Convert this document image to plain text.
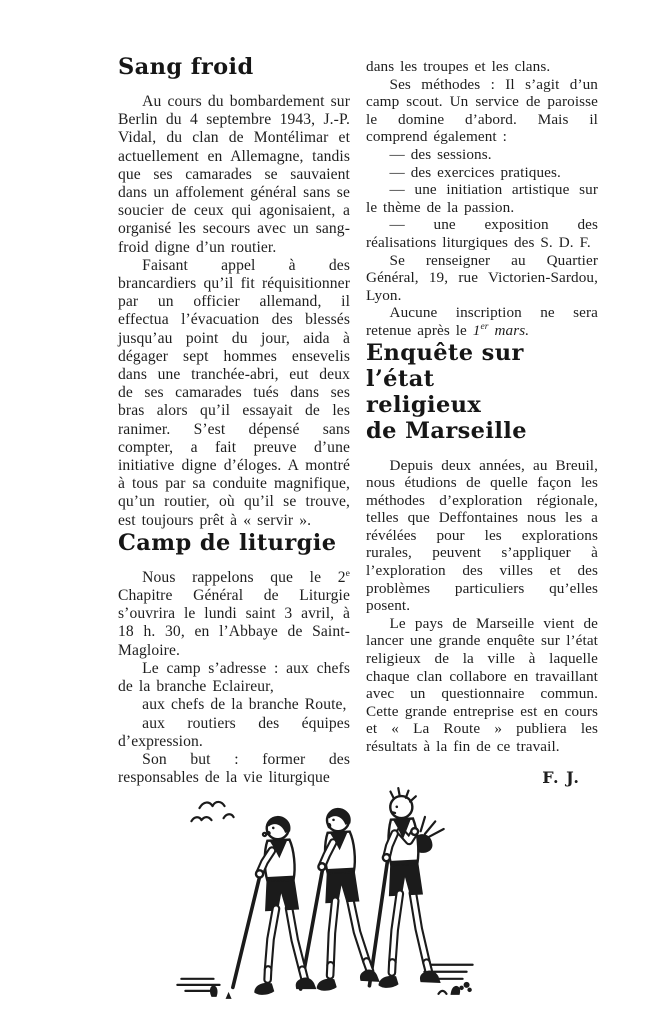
Sang froid

Au cours du bombardement sur Berlin du 4 septembre 1943, J.-P. Vidal, du clan de Montélimar et actuellement en Allemagne, tandis que ses camarades se sauvaient dans un affolement général sans se soucier de ceux qui agonisaient, a organisé les secours avec un sang-froid digne d’un routier.

Faisant appel à des brancardiers qu’il fit réquisitionner par un officier allemand, il effectua l’évacuation des blessés jusqu’au point du jour, aida à dégager sept hommes ensevelis dans une tranchée-abri, eut deux de ses camarades tués dans ses bras alors qu’il essayait de les ranimer. S’est dépensé sans compter, a fait preuve d’une initiative digne d’éloges. A montré à tous par sa conduite magnifique, qu’un routier, où qu’il se trouve, est toujours prêt à « servir ».

Camp de liturgie

Nous rappelons que le 2e Chapitre Général de Liturgie s’ouvrira le lundi saint 3 avril, à 18 h. 30, en l’Abbaye de Saint-Magloire.

Le camp s’adresse : aux chefs de la branche Eclaireur,

aux chefs de la branche Route,

aux routiers des équipes d’expression.

Son but : former des responsables de la vie liturgique

dans les troupes et les clans.

Ses méthodes : Il s’agit d’un camp scout. Un service de paroisse le domine d’abord. Mais il comprend également :

— des sessions.

— des exercices pratiques.

— une initiation artistique sur le thème de la passion.

— une exposition des réalisations liturgiques des S. D. F.

Se renseigner au Quartier Général, 19, rue Victorien-Sardou, Lyon.

Aucune inscription ne sera retenue après le 1er mars.

Enquête sur l’état
religieux
de Marseille

Depuis deux années, au Breuil, nous étudions de quelle façon les méthodes d’exploration régionale, telles que Deffontaines nous les a révélées pour les explorations rurales, peuvent s’appliquer à l’exploration des villes et des problèmes particuliers qu’elles posent.

Le pays de Marseille vient de lancer une grande enquête sur l’état religieux de la ville à laquelle chaque clan collabore en travaillant avec un questionnaire commun. Cette grande entreprise est en cours et « La Route » publiera les résultats à la fin de ce travail.

F. J.
